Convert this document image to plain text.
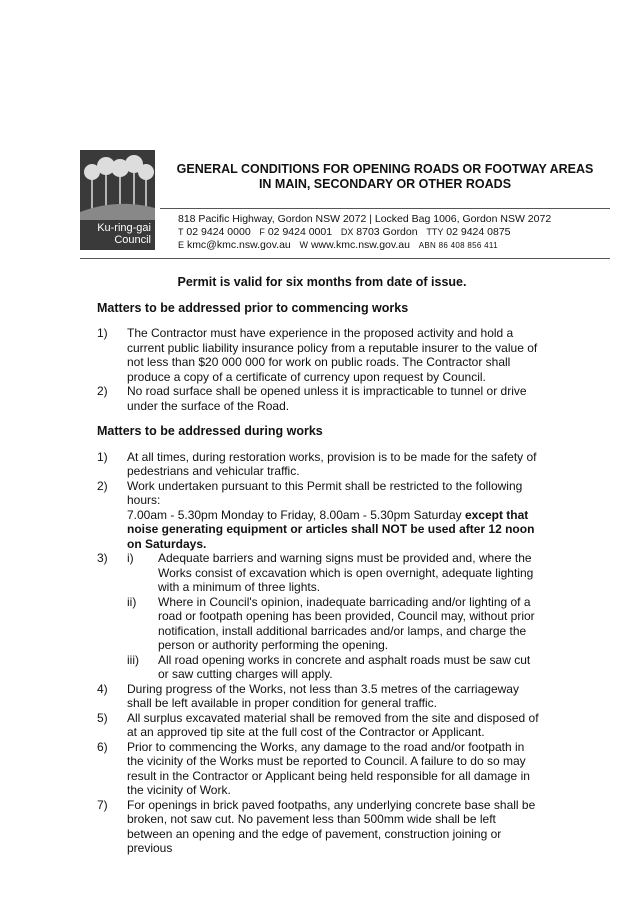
Ku-ring-gai
Council
GENERAL CONDITIONS FOR OPENING ROADS OR FOOTWAY AREAS
IN MAIN, SECONDARY OR OTHER ROADS
818 Pacific Highway, Gordon NSW 2072 | Locked Bag 1006, Gordon NSW 2072
T 02 9424 0000 F 02 9424 0001 DX 8703 Gordon TTY 02 9424 0875
E kmc@kmc.nsw.gov.au W www.kmc.nsw.gov.au ABN 86 408 856 411
Permit is valid for six months from date of issue.
Matters to be addressed prior to commencing works
1)	The Contractor must have experience in the proposed activity and hold a current public liability insurance policy from a reputable insurer to the value of not less than $20 000 000 for work on public roads. The Contractor shall produce a copy of a certificate of currency upon request by Council.
2)	No road surface shall be opened unless it is impracticable to tunnel or drive under the surface of the Road.
Matters to be addressed during works
1)	At all times, during restoration works, provision is to be made for the safety of pedestrians and vehicular traffic.
2)	Work undertaken pursuant to this Permit shall be restricted to the following hours:
7.00am - 5.30pm Monday to Friday, 8.00am - 5.30pm Saturday except that noise generating equipment or articles shall NOT be used after 12 noon on Saturdays.
3)	i)	Adequate barriers and warning signs must be provided and, where the Works consist of excavation which is open overnight, adequate lighting with a minimum of three lights.
ii)	Where in Council's opinion, inadequate barricading and/or lighting of a road or footpath opening has been provided, Council may, without prior notification, install additional barricades and/or lamps, and charge the person or authority performing the opening.
iii)	All road opening works in concrete and asphalt roads must be saw cut or saw cutting charges will apply.
4)	During progress of the Works, not less than 3.5 metres of the carriageway shall be left available in proper condition for general traffic.
5)	All surplus excavated material shall be removed from the site and disposed of at an approved tip site at the full cost of the Contractor or Applicant.
6)	Prior to commencing the Works, any damage to the road and/or footpath in the vicinity of the Works must be reported to Council. A failure to do so may result in the Contractor or Applicant being held responsible for all damage in the vicinity of Work.
7)	For openings in brick paved footpaths, any underlying concrete base shall be broken, not saw cut. No pavement less than 500mm wide shall be left between an opening and the edge of pavement, construction joining or previous
